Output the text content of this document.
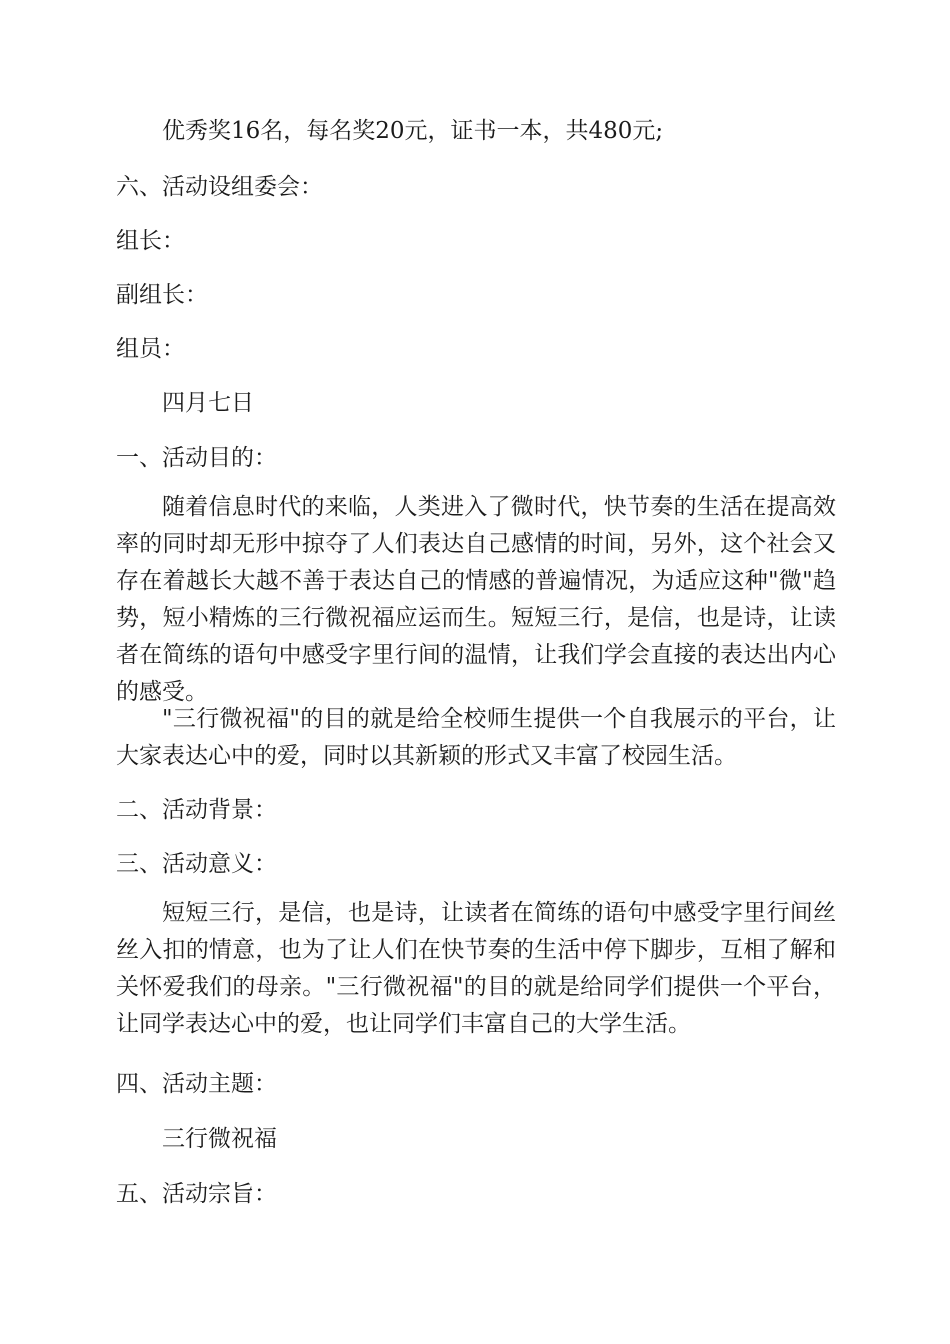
优秀奖16名，每名奖20元，证书一本，共480元;
六、活动设组委会：
组长：
副组长：
组员：
四月七日
一、活动目的：
随着信息时代的来临，人类进入了微时代，快节奏的生活在提高效率的同时却无形中掠夺了人们表达自己感情的时间，另外，这个社会又存在着越长大越不善于表达自己的情感的普遍情况，为适应这种"微"趋势，短小精炼的三行微祝福应运而生。短短三行，是信，也是诗，让读者在简练的语句中感受字里行间的温情，让我们学会直接的表达出内心的感受。
"三行微祝福"的目的就是给全校师生提供一个自我展示的平台，让大家表达心中的爱，同时以其新颖的形式又丰富了校园生活。
二、活动背景：
三、活动意义：
短短三行，是信，也是诗，让读者在简练的语句中感受字里行间丝丝入扣的情意，也为了让人们在快节奏的生活中停下脚步，互相了解和关怀爱我们的母亲。"三行微祝福"的目的就是给同学们提供一个平台，让同学表达心中的爱，也让同学们丰富自己的大学生活。
四、活动主题：
三行微祝福
五、活动宗旨：
